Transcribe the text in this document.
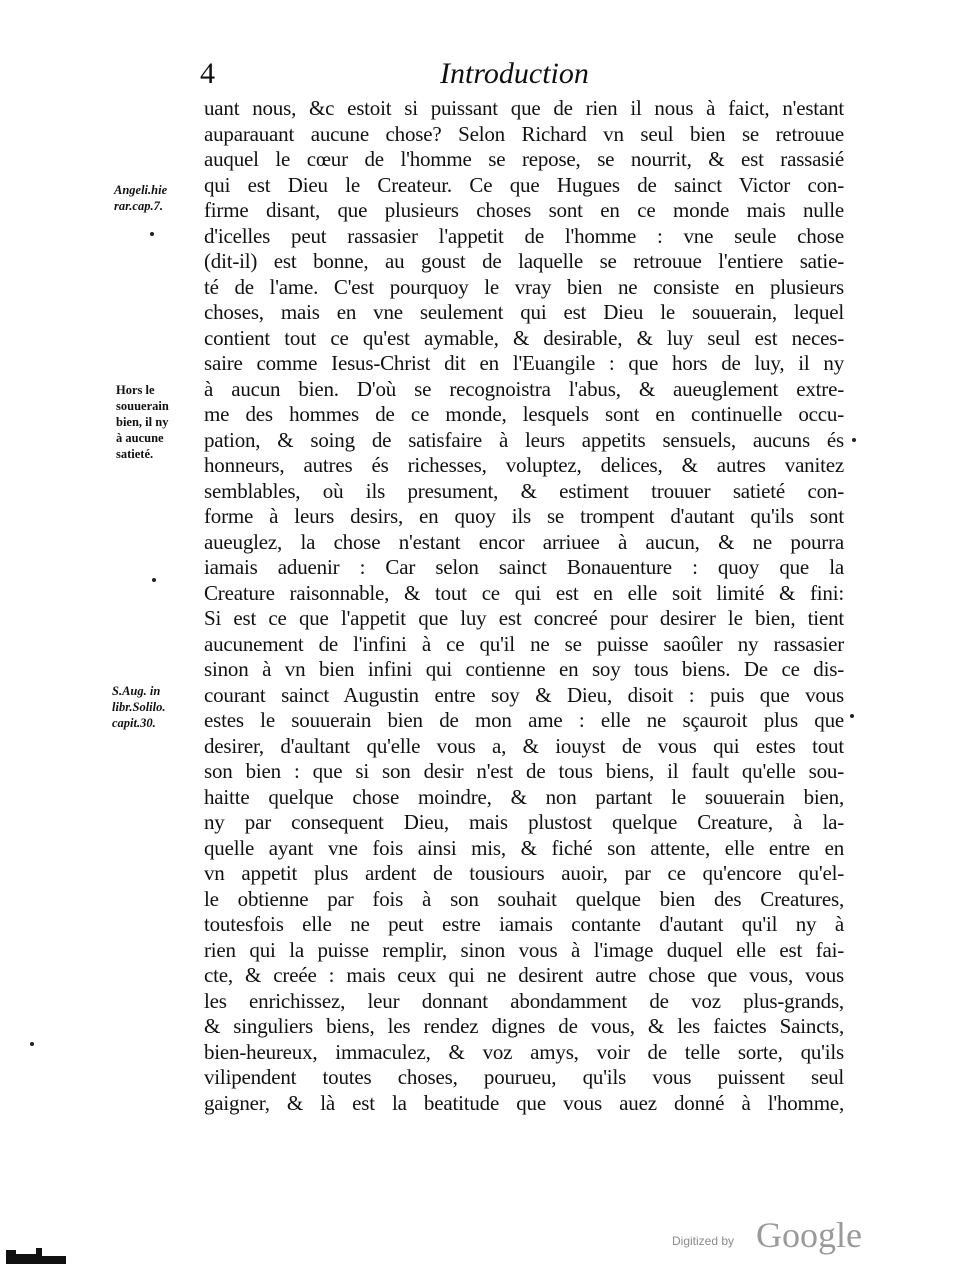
4	Introduction
uant nous, &c estoit si puissant que de rien il nous à faict, n'estant
auparauant aucune chose? Selon Richard vn seul bien se retrouue
auquel le cœur de l'homme se repose, se nourrit, & est rassasié
qui est Dieu le Createur. Ce que Hugues de sainct Victor con-
firme disant, que plusieurs choses sont en ce monde mais nulle
d'icelles peut rassasier l'appetit de l'homme : vne seule chose
(dit-il) est bonne, au goust de laquelle se retrouue l'entiere satie-
té de l'ame. C'est pourquoy le vray bien ne consiste en plusieurs
choses, mais en vne seulement qui est Dieu le souuerain, lequel
contient tout ce qu'est aymable, & desirable, & luy seul est neces-
saire comme Iesus-Christ dit en l'Euangile : que hors de luy, il ny
à aucun bien. D'où se recognoistra l'abus, & aueuglement extre-
me des hommes de ce monde, lesquels sont en continuelle occu-
pation, & soing de satisfaire à leurs appetits sensuels, aucuns és
honneurs, autres és richesses, voluptez, delices, & autres vanitez
semblables, où ils presument, & estiment trouuer satieté con-
forme à leurs desirs, en quoy ils se trompent d'autant qu'ils sont
aueuglez, la chose n'estant encor arriuee à aucun, & ne pourra
iamais aduenir : Car selon sainct Bonauenture : quoy que la
Creature raisonnable, & tout ce qui est en elle soit limité & fini:
Si est ce que l'appetit que luy est concreé pour desirer le bien, tient
aucunement de l'infini à ce qu'il ne se puisse saoûler ny rassasier
sinon à vn bien infini qui contienne en soy tous biens. De ce dis-
courant sainct Augustin entre soy & Dieu, disoit : puis que vous
estes le souuerain bien de mon ame : elle ne sçauroit plus que
desirer, d'aultant qu'elle vous a, & iouyst de vous qui estes tout
son bien : que si son desir n'est de tous biens, il fault qu'elle sou-
haitte quelque chose moindre, & non partant le souuerain bien,
ny par consequent Dieu, mais plustost quelque Creature, à la-
quelle ayant vne fois ainsi mis, & fiché son attente, elle entre en
vn appetit plus ardent de tousiours auoir, par ce qu'encore qu'el-
le obtienne par fois à son souhait quelque bien des Creatures,
toutesfois elle ne peut estre iamais contante d'autant qu'il ny à
rien qui la puisse remplir, sinon vous à l'image duquel elle est fai-
cte, & creée : mais ceux qui ne desirent autre chose que vous, vous
les enrichissez, leur donnant abondamment de voz plus-grands,
& singuliers biens, les rendez dignes de vous, & les faictes Saincts,
bien-heureux, immaculez, & voz amys, voir de telle sorte, qu'ils
vilipendent toutes choses, pourueu, qu'ils vous puissent seul
gaigner, & là est la beatitude que vous auez donné à l'homme,
Angeli.hie
rar.cap.7.
Hors le
souuerain
bien, il ny
à aucune
satieté.
S.Aug. in
libr.Solilo.
capit.30.
Digitized by Google
